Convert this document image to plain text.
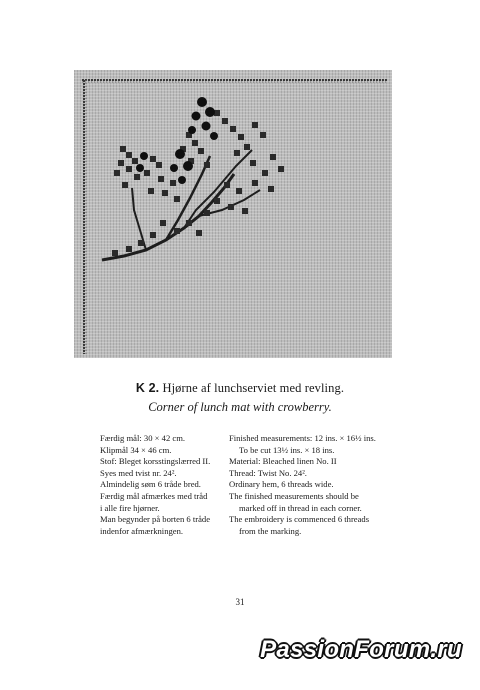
K 2. Hjørne af lunchserviet med revling.
Corner of lunch mat with crowberry.
Færdig mål: 30 × 42 cm.
Klipmål 34 × 46 cm.
Stof: Bleget korsstingslærred II.
Syes med tvist nr. 24².
Almindelig søm 6 tråde bred.
Færdig mål afmærkes med tråd
i alle fire hjørner.
Man begynder på borten 6 tråde
indenfor afmærkningen.
Finished measurements: 12 ins. × 16½ ins.
To be cut 13½ ins. × 18 ins.
Material: Bleached linen No. II
Thread: Twist No. 24².
Ordinary hem, 6 threads wide.
The finished measurements should be
marked off in thread in each corner.
The embroidery is commenced 6 threads
from the marking.
31
PassionForum.ru
